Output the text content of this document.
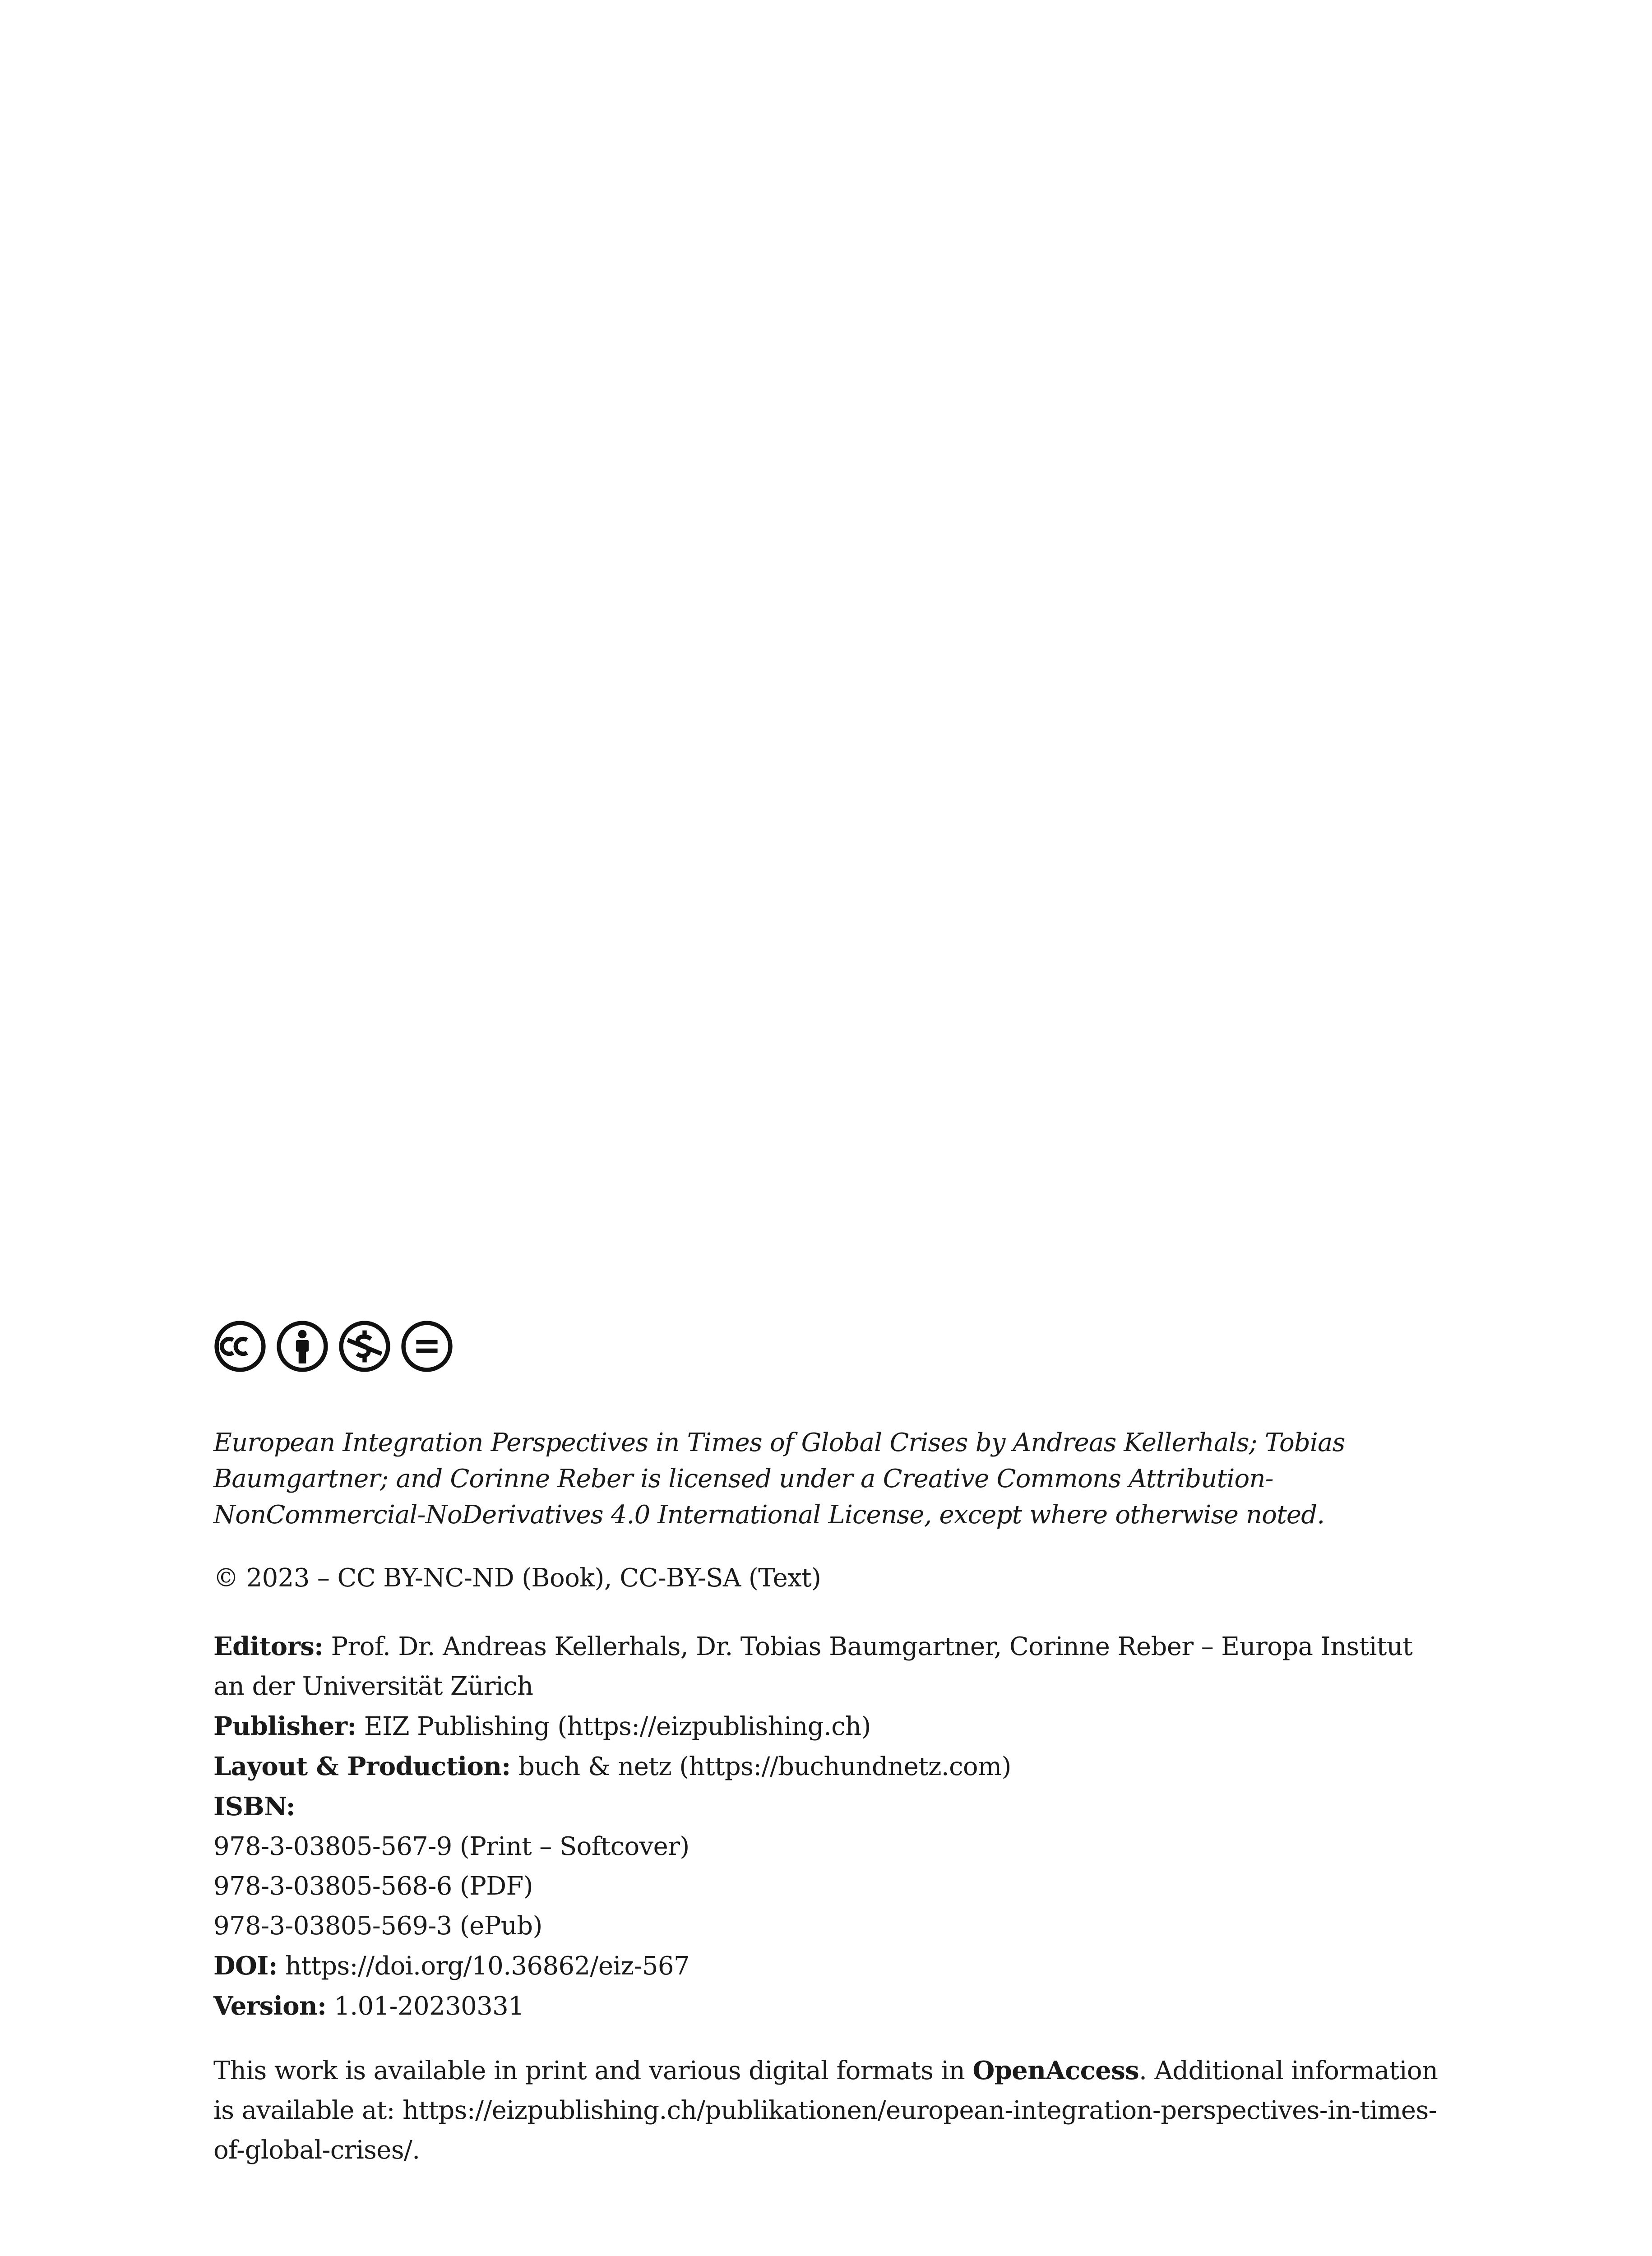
European Integration Perspectives in Times of Global Crises by Andreas Kellerhals; Tobias Baumgartner; and Corinne Reber is licensed under a Creative Commons Attribution-NonCommercial-NoDerivatives 4.0 International License, except where otherwise noted.
© 2023 – CC BY-NC-ND (Book), CC-BY-SA (Text)
Editors: Prof. Dr. Andreas Kellerhals, Dr. Tobias Baumgartner, Corinne Reber – Europa Institut an der Universität Zürich
Publisher: EIZ Publishing (https://eizpublishing.ch)
Layout & Production: buch & netz (https://buchundnetz.com)
ISBN:
978-3-03805-567-9 (Print – Softcover)
978-3-03805-568-6 (PDF)
978-3-03805-569-3 (ePub)
DOI: https://doi.org/10.36862/eiz-567
Version: 1.01-20230331
This work is available in print and various digital formats in OpenAccess. Additional information is available at: https://eizpublishing.ch/publikationen/european-integration-perspectives-in-times-of-global-crises/.
